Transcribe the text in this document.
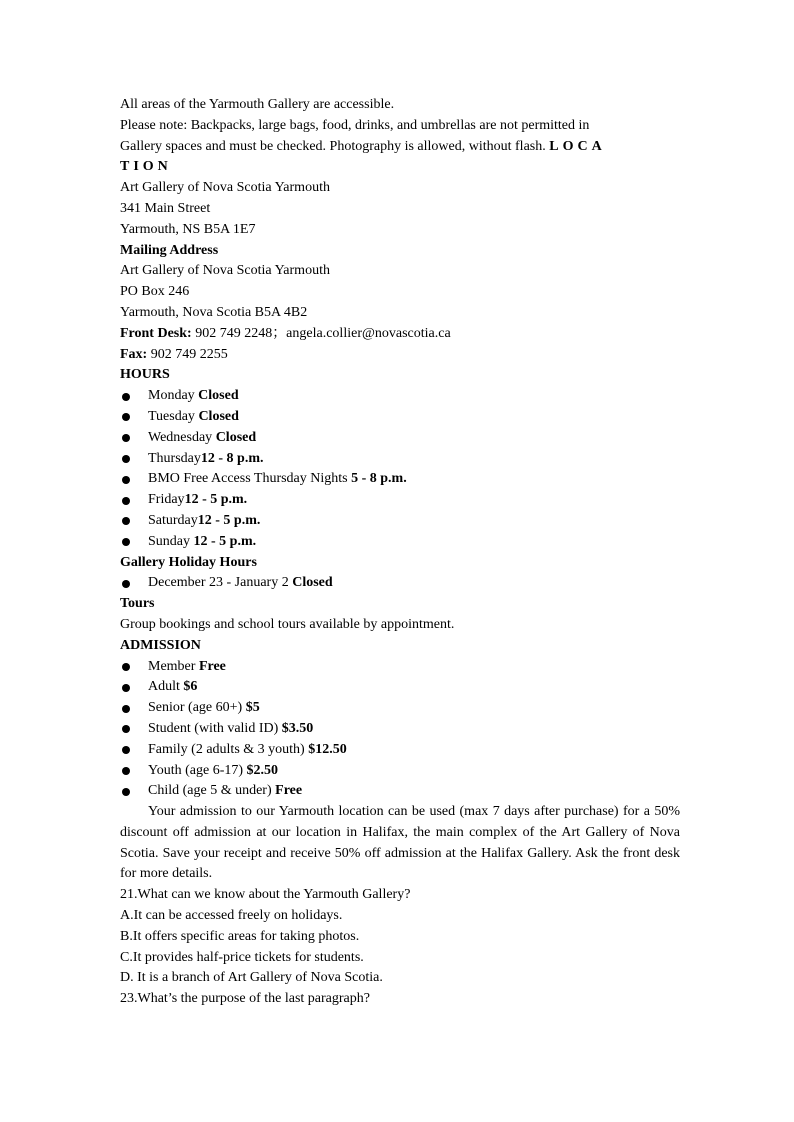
All areas of the Yarmouth Gallery are accessible.
Please note: Backpacks, large bags, food, drinks, and umbrellas are not permitted in
Gallery spaces and must be checked. Photography is allowed, without flash. LOCA
TION
Art Gallery of Nova Scotia Yarmouth
341 Main Street
Yarmouth, NS B5A 1E7
Mailing Address
Art Gallery of Nova Scotia Yarmouth
PO Box 246
Yarmouth, Nova Scotia B5A 4B2
Front Desk: 902 749 2248；angela.collier@novascotia.ca
Fax: 902 749 2255
HOURS
Monday Closed
Tuesday Closed
Wednesday Closed
Thursday12 - 8 p.m.
BMO Free Access Thursday Nights 5 - 8 p.m.
Friday12 - 5 p.m.
Saturday12 - 5 p.m.
Sunday 12 - 5 p.m.
Gallery Holiday Hours
December 23 - January 2 Closed
Tours
Group bookings and school tours available by appointment.
ADMISSION
Member Free
Adult $6
Senior (age 60+) $5
Student (with valid ID) $3.50
Family (2 adults & 3 youth) $12.50
Youth (age 6-17) $2.50
Child (age 5 & under) Free
Your admission to our Yarmouth location can be used (max 7 days after purchase) for a 50% discount off admission at our location in Halifax, the main complex of the Art Gallery of Nova Scotia. Save your receipt and receive 50% off admission at the Halifax Gallery. Ask the front desk for more details.
21.What can we know about the Yarmouth Gallery?
A.It can be accessed freely on holidays.
B.It offers specific areas for taking photos.
C.It provides half-price tickets for students.
D. It is a branch of Art Gallery of Nova Scotia.
23.What’s the purpose of the last paragraph?
